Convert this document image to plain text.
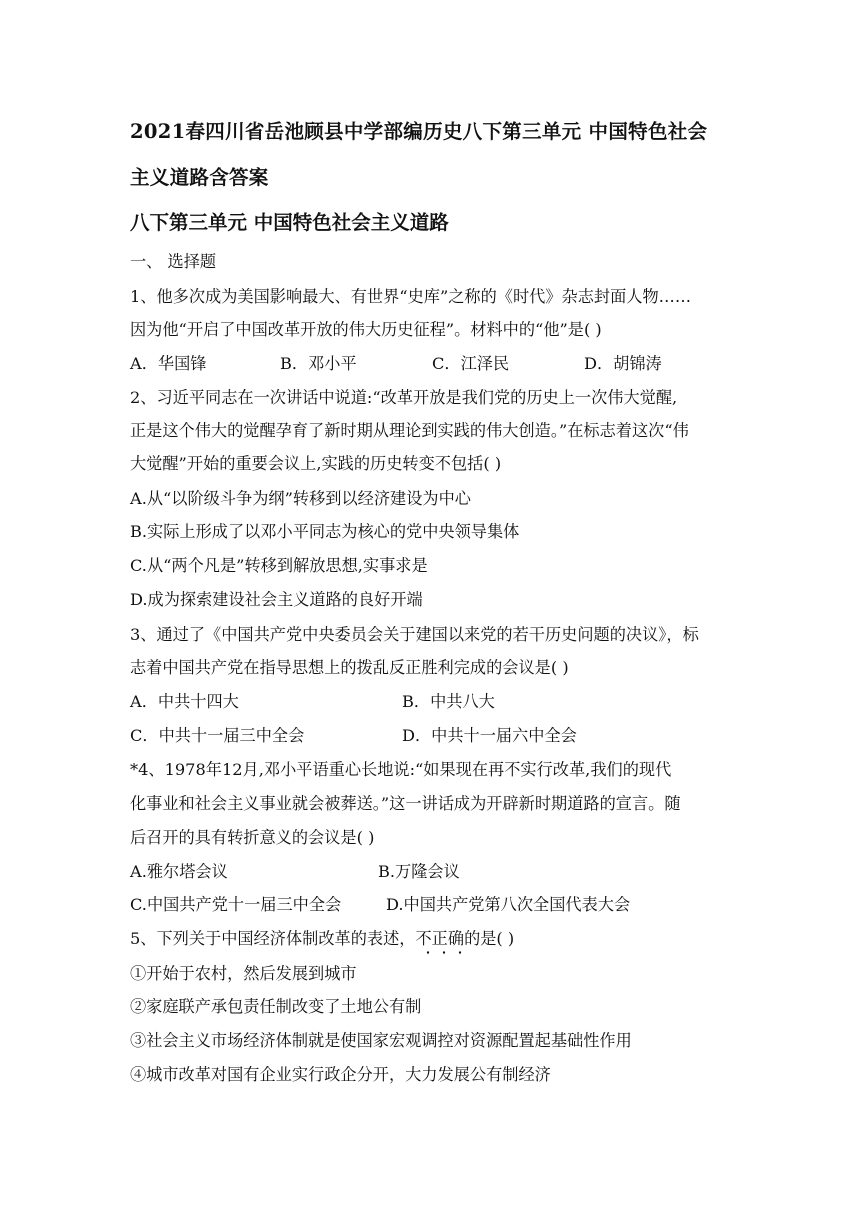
2021春四川省岳池顾县中学部编历史八下第三单元 中国特色社会
主义道路含答案
八下第三单元 中国特色社会主义道路
一、 选择题
1、他多次成为美国影响最大、有世界“史库”之称的《时代》杂志封面人物……
因为他“开启了中国改革开放的伟大历史征程”。材料中的“他”是( )
A．华国锋	B．邓小平	C．江泽民	D．胡锦涛
2、习近平同志在一次讲话中说道:“改革开放是我们党的历史上一次伟大觉醒,
正是这个伟大的觉醒孕育了新时期从理论到实践的伟大创造。”在标志着这次“伟
大觉醒”开始的重要会议上,实践的历史转变不包括( )
A.从“以阶级斗争为纲”转移到以经济建设为中心
B.实际上形成了以邓小平同志为核心的党中央领导集体
C.从“两个凡是”转移到解放思想,实事求是
D.成为探索建设社会主义道路的良好开端
3、通过了《中国共产党中央委员会关于建国以来党的若干历史问题的决议》，标
志着中国共产党在指导思想上的拨乱反正胜利完成的会议是( )
A．中共十四大	B．中共八大
C．中共十一届三中全会	D．中共十一届六中全会
*4、1978年12月,邓小平语重心长地说:“如果现在再不实行改革,我们的现代
化事业和社会主义事业就会被葬送。”这一讲话成为开辟新时期道路的宣言。随
后召开的具有转折意义的会议是( )
A.雅尔塔会议	B.万隆会议
C.中国共产党十一届三中全会	D.中国共产党第八次全国代表大会
5、下列关于中国经济体制改革的表述，不正确的是( )
①开始于农村，然后发展到城市
②家庭联产承包责任制改变了土地公有制
③社会主义市场经济体制就是使国家宏观调控对资源配置起基础性作用
④城市改革对国有企业实行政企分开，大力发展公有制经济
